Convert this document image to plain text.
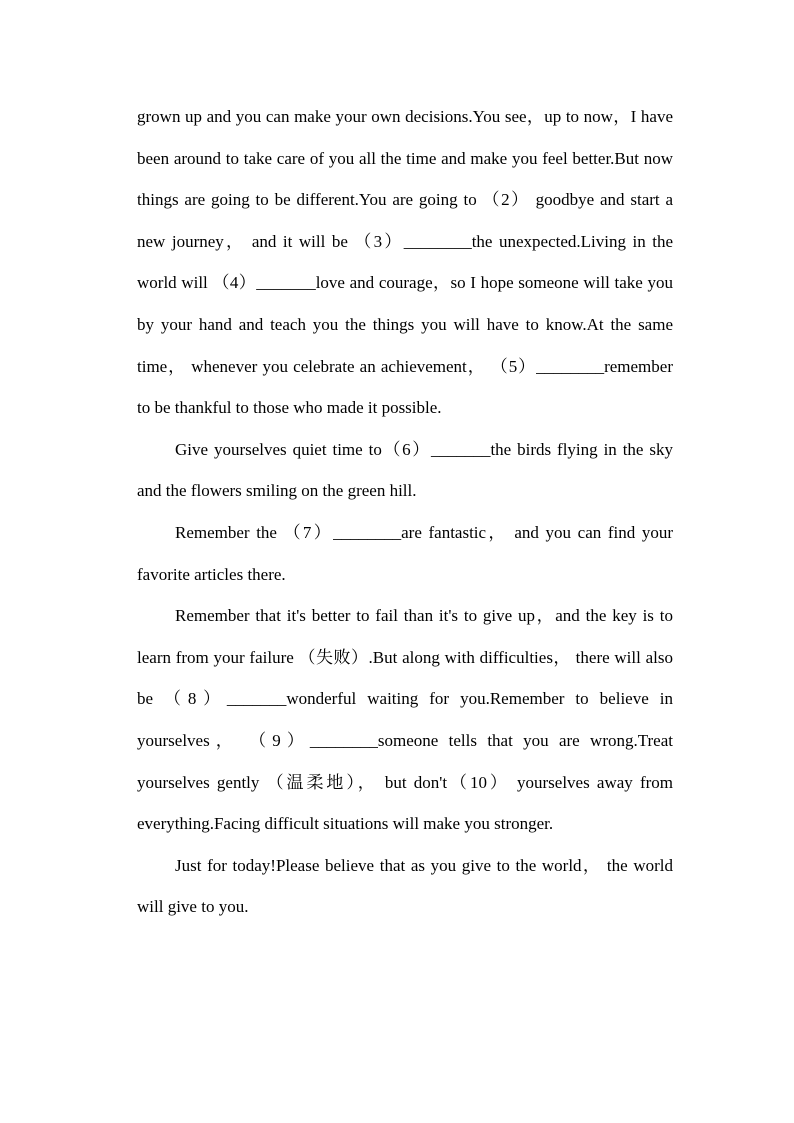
grown up and you can make your own decisions.You see，up to now，I have been around to take care of you all the time and make you feel better.But now things are going to be different.You are going to （2） goodbye and start a new journey， and it will be （3）________the unexpected.Living in the world will （4）_______love and courage，so I hope someone will take you by your hand and teach you the things you will have to know.At the same time， whenever you celebrate an achievement， （5）________remember to be thankful to those who made it possible.

Give yourselves quiet time to（6）_______the birds flying in the sky and the flowers smiling on the green hill.

Remember the （7）________are fantastic， and you can find your favorite articles there.

Remember that it's better to fail than it's to give up，and the key is to learn from your failure （失败）.But along with difficulties， there will also be （8）_______wonderful waiting for you.Remember to believe in yourselves， （9）________someone tells that you are wrong.Treat yourselves gently （温柔地）， but don't（10） yourselves away from everything.Facing difficult situations will make you stronger.

Just for today!Please believe that as you give to the world， the world will give to you.
